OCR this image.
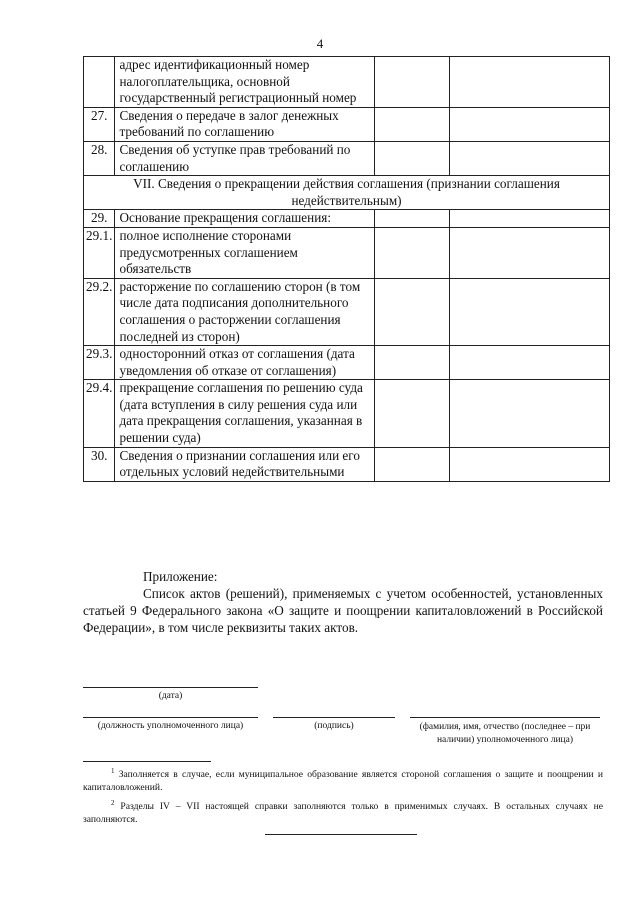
4
	адрес идентификационный номер налогоплательщика, основной государственный регистрационный номер		
27.	Сведения о передаче в залог денежных требований по соглашению		
28.	Сведения об уступке прав требований по соглашению		
VII. Сведения о прекращении действия соглашения (признании соглашения недействительным)			
29.	Основание прекращения соглашения:		
29.1.	полное исполнение сторонами предусмотренных соглашением обязательств		
29.2.	расторжение по соглашению сторон (в том числе дата подписания дополнительного соглашения о расторжении соглашения последней из сторон)		
29.3.	односторонний отказ от соглашения (дата уведомления об отказе от соглашения)		
29.4.	прекращение соглашения по решению суда (дата вступления в силу решения суда или дата прекращения соглашения, указанная в решении суда)		
30.	Сведения о признании соглашения или его отдельных условий недействительными		
Приложение:

Список актов (решений), применяемых с учетом особенностей, установленных статьей 9 Федерального закона «О защите и поощрении капиталовложений в Российской Федерации», в том числе реквизиты таких актов.

(дата)
(должность уполномоченного лица)	(подпись)	(фамилия, имя, отчество (последнее – при наличии) уполномоченного лица)

$^1$ Заполняется в случае, если муниципальное образование является стороной соглашения о защите и поощрении и капиталовложений.

$^2$ Разделы IV – VII настоящей справки заполняются только в применимых случаях. В остальных случаях не заполняются.
